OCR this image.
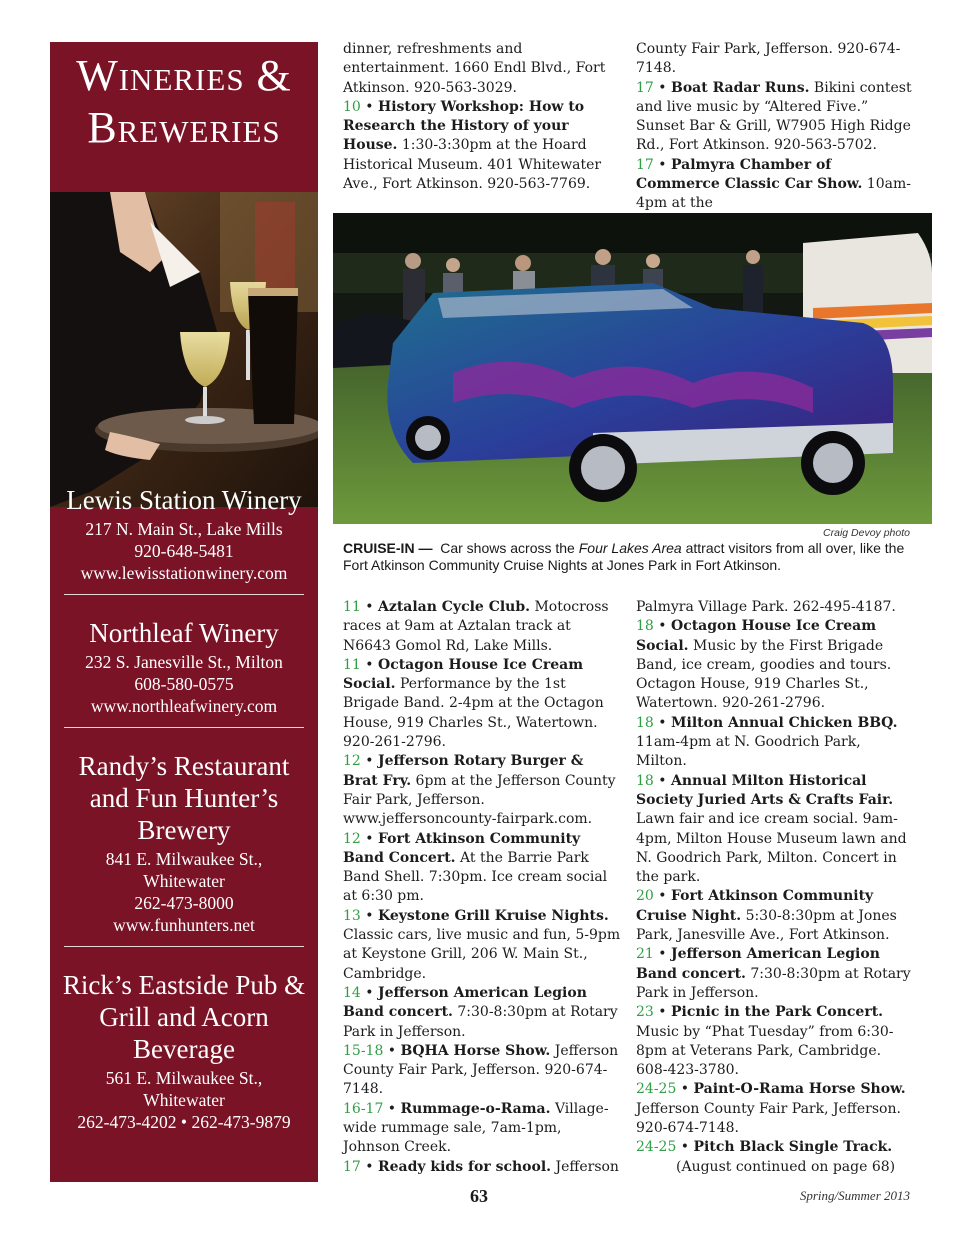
Wineries & Breweries
Lewis Station Winery
217 N. Main St., Lake Mills
920-648-5481
www.lewisstationwinery.com
Northleaf Winery
232 S. Janesville St., Milton
608-580-0575
www.northleafwinery.com
Randy’s Restaurant and Fun Hunter’s Brewery
841 E. Milwaukee St.,
Whitewater
262-473-8000
www.funhunters.net
Rick’s Eastside Pub & Grill and Acorn Beverage
561 E. Milwaukee St.,
Whitewater
262-473-4202 • 262-473-9879

dinner, refreshments and entertainment. 1660 Endl Blvd., Fort Atkinson. 920-563-3029.

10 • History Workshop: How to Research the History of your House. 1:30-3:30pm at the Hoard Historical Museum. 401 Whitewater Ave., Fort Atkinson. 920-563-7769.

County Fair Park, Jefferson. 920-674-7148.

17 • Boat Radar Runs. Bikini contest and live music by “Altered Five.” Sunset Bar & Grill, W7905 High Ridge Rd., Fort Atkinson. 920-563-5702.

17 • Palmyra Chamber of Commerce Classic Car Show. 10am-4pm at the

Craig Devoy photo
CRUISE-IN — Car shows across the Four Lakes Area attract visitors from all over, like the Fort Atkinson Community Cruise Nights at Jones Park in Fort Atkinson.

11 • Aztalan Cycle Club. Motocross races at 9am at Aztalan track at N6643 Gomol Rd, Lake Mills.

11 • Octagon House Ice Cream Social. Performance by the 1st Brigade Band. 2-4pm at the Octagon House, 919 Charles St., Watertown. 920-261-2796.

12 • Jefferson Rotary Burger & Brat Fry. 6pm at the Jefferson County Fair Park, Jefferson. www.jeffersoncounty-fairpark.com.

12 • Fort Atkinson Community Band Concert. At the Barrie Park Band Shell. 7:30pm. Ice cream social at 6:30 pm.

13 • Keystone Grill Kruise Nights. Classic cars, live music and fun, 5-9pm at Keystone Grill, 206 W. Main St., Cambridge.

14 • Jefferson American Legion Band concert. 7:30-8:30pm at Rotary Park in Jefferson.

15-18 • BQHA Horse Show. Jefferson County Fair Park, Jefferson. 920-674-7148.

16-17 • Rummage-o-Rama. Village-wide rummage sale, 7am-1pm, Johnson Creek.

17 • Ready kids for school. Jefferson

Palmyra Village Park. 262-495-4187.

18 • Octagon House Ice Cream Social. Music by the First Brigade Band, ice cream, goodies and tours. Octagon House, 919 Charles St., Watertown. 920-261-2796.

18 • Milton Annual Chicken BBQ. 11am-4pm at N. Goodrich Park, Milton.

18 • Annual Milton Historical Society Juried Arts & Crafts Fair. Lawn fair and ice cream social. 9am-4pm, Milton House Museum lawn and N. Goodrich Park, Milton. Concert in the park.

20 • Fort Atkinson Community Cruise Night. 5:30-8:30pm at Jones Park, Janesville Ave., Fort Atkinson.

21 • Jefferson American Legion Band concert. 7:30-8:30pm at Rotary Park in Jefferson.

23 • Picnic in the Park Concert. Music by “Phat Tuesday” from 6:30-8pm at Veterans Park, Cambridge. 608-423-3780.

24-25 • Paint-O-Rama Horse Show. Jefferson County Fair Park, Jefferson. 920-674-7148.

24-25 • Pitch Black Single Track.

(August continued on page 68)

63	Spring/Summer 2013
